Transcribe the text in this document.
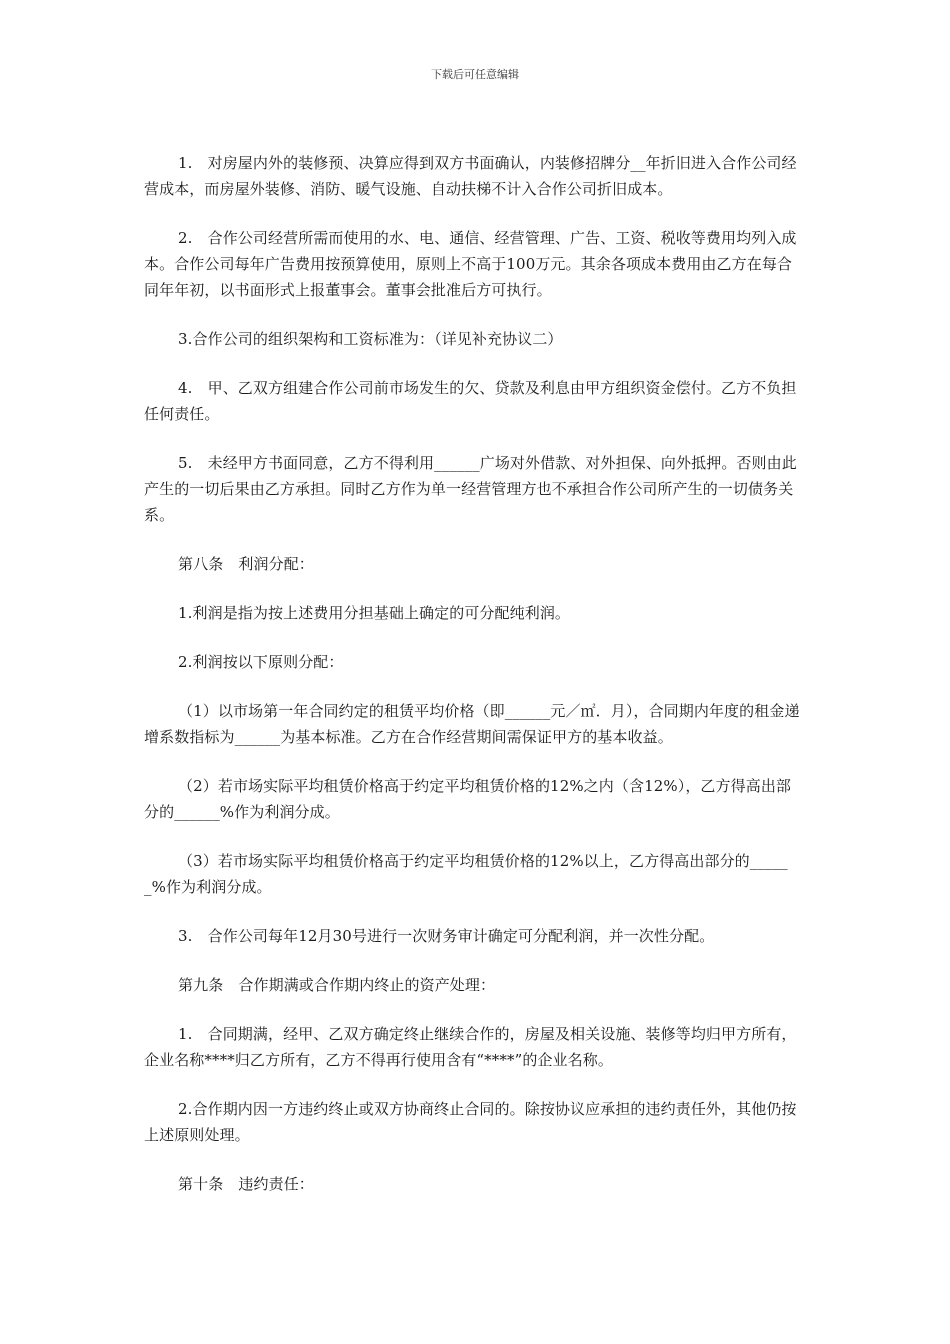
下载后可任意编辑

1.　对房屋内外的装修预、决算应得到双方书面确认，内装修招牌分__年折旧进入合作公司经营成本，而房屋外装修、消防、暖气设施、自动扶梯不计入合作公司折旧成本。

2.　合作公司经营所需而使用的水、电、通信、经营管理、广告、工资、税收等费用均列入成本。合作公司每年广告费用按预算使用，原则上不高于100万元。其余各项成本费用由乙方在每合同年年初，以书面形式上报董事会。董事会批准后方可执行。

3.合作公司的组织架构和工资标准为：（详见补充协议二）

4.　甲、乙双方组建合作公司前市场发生的欠、贷款及利息由甲方组织资金偿付。乙方不负担任何责任。

5.　未经甲方书面同意，乙方不得利用______广场对外借款、对外担保、向外抵押。否则由此产生的一切后果由乙方承担。同时乙方作为单一经营管理方也不承担合作公司所产生的一切债务关系。

第八条　利润分配：

1.利润是指为按上述费用分担基础上确定的可分配纯利润。

2.利润按以下原则分配：

（1）以市场第一年合同约定的租赁平均价格（即______元／㎡．月），合同期内年度的租金递增系数指标为______为基本标准。乙方在合作经营期间需保证甲方的基本收益。

（2）若市场实际平均租赁价格高于约定平均租赁价格的12%之内（含12%），乙方得高出部分的______%作为利润分成。

（3）若市场实际平均租赁价格高于约定平均租赁价格的12%以上，乙方得高出部分的______%作为利润分成。

3.　合作公司每年12月30号进行一次财务审计确定可分配利润，并一次性分配。

第九条　合作期满或合作期内终止的资产处理：

1.　合同期满，经甲、乙双方确定终止继续合作的，房屋及相关设施、装修等均归甲方所有，企业名称****归乙方所有，乙方不得再行使用含有“****”的企业名称。

2.合作期内因一方违约终止或双方协商终止合同的。除按协议应承担的违约责任外，其他仍按上述原则处理。

第十条　违约责任：
